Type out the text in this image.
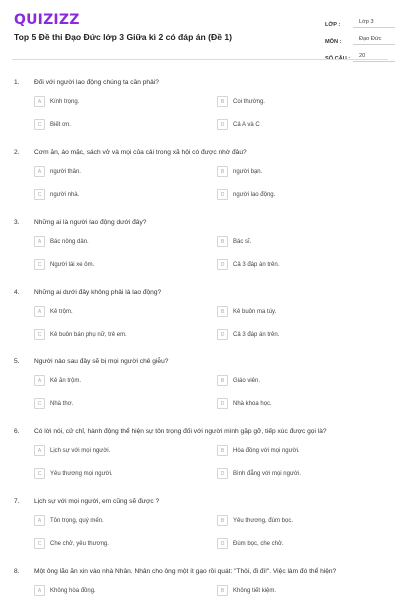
QUIZIZZ
Top 5 Đề thi Đạo Đức lớp 3 Giữa kì 2 có đáp án (Đề 1)
LỚP :	Lớp 3
MÔN :	Đạo Đức
SỐ CÂU :	20
1. Đối với người lao động chúng ta cần phải?
A	Kính trọng.	B	Coi thường.
C	Biết ơn.	D	Cả A và C
2. Cơm ăn, áo mặc, sách vở và mọi của cải trong xã hội có được nhờ đâu?
A	người thân.	B	người bạn.
C	người nhà.	D	người lao động.
3. Những ai là người lao động dưới đây?
A	Bác nông dân.	B	Bác sĩ.
C	Người lái xe ôm.	D	Cả 3 đáp án trên.
4. Những ai dưới đây không phải là lao động?
A	Kẻ trộm.	B	Kẻ buôn ma túy.
C	Kẻ buôn bán phụ nữ, trẻ em.	D	Cả 3 đáp án trên.
5. Người nào sau đây sẽ bị mọi người chê giễu?
A	Kẻ ăn trộm.	B	Giáo viên.
C	Nhà thơ.	D	Nhà khoa học.
6. Có lời nói, cử chỉ, hành động thể hiện sự tôn trọng đối với người mình gặp gỡ, tiếp xúc được gọi là?
A	Lịch sự với mọi người.	B	Hòa đồng với mọi người.
C	Yêu thương mọi người.	D	Bình đẳng với mọi người.
7. Lịch sự với mọi người, em cũng sẽ được ?
A	Tôn trọng, quý mến.	B	Yêu thương, đùm bọc.
C	Che chở, yêu thương.	D	Đùm bọc, che chở.
8. Một ông lão ăn xin vào nhà Nhân. Nhân cho ông một ít gạo rồi quát: "Thôi, đi đi!". Việc làm đó thể hiện?
A	Không hòa đồng.	B	Không tiết kiệm.
